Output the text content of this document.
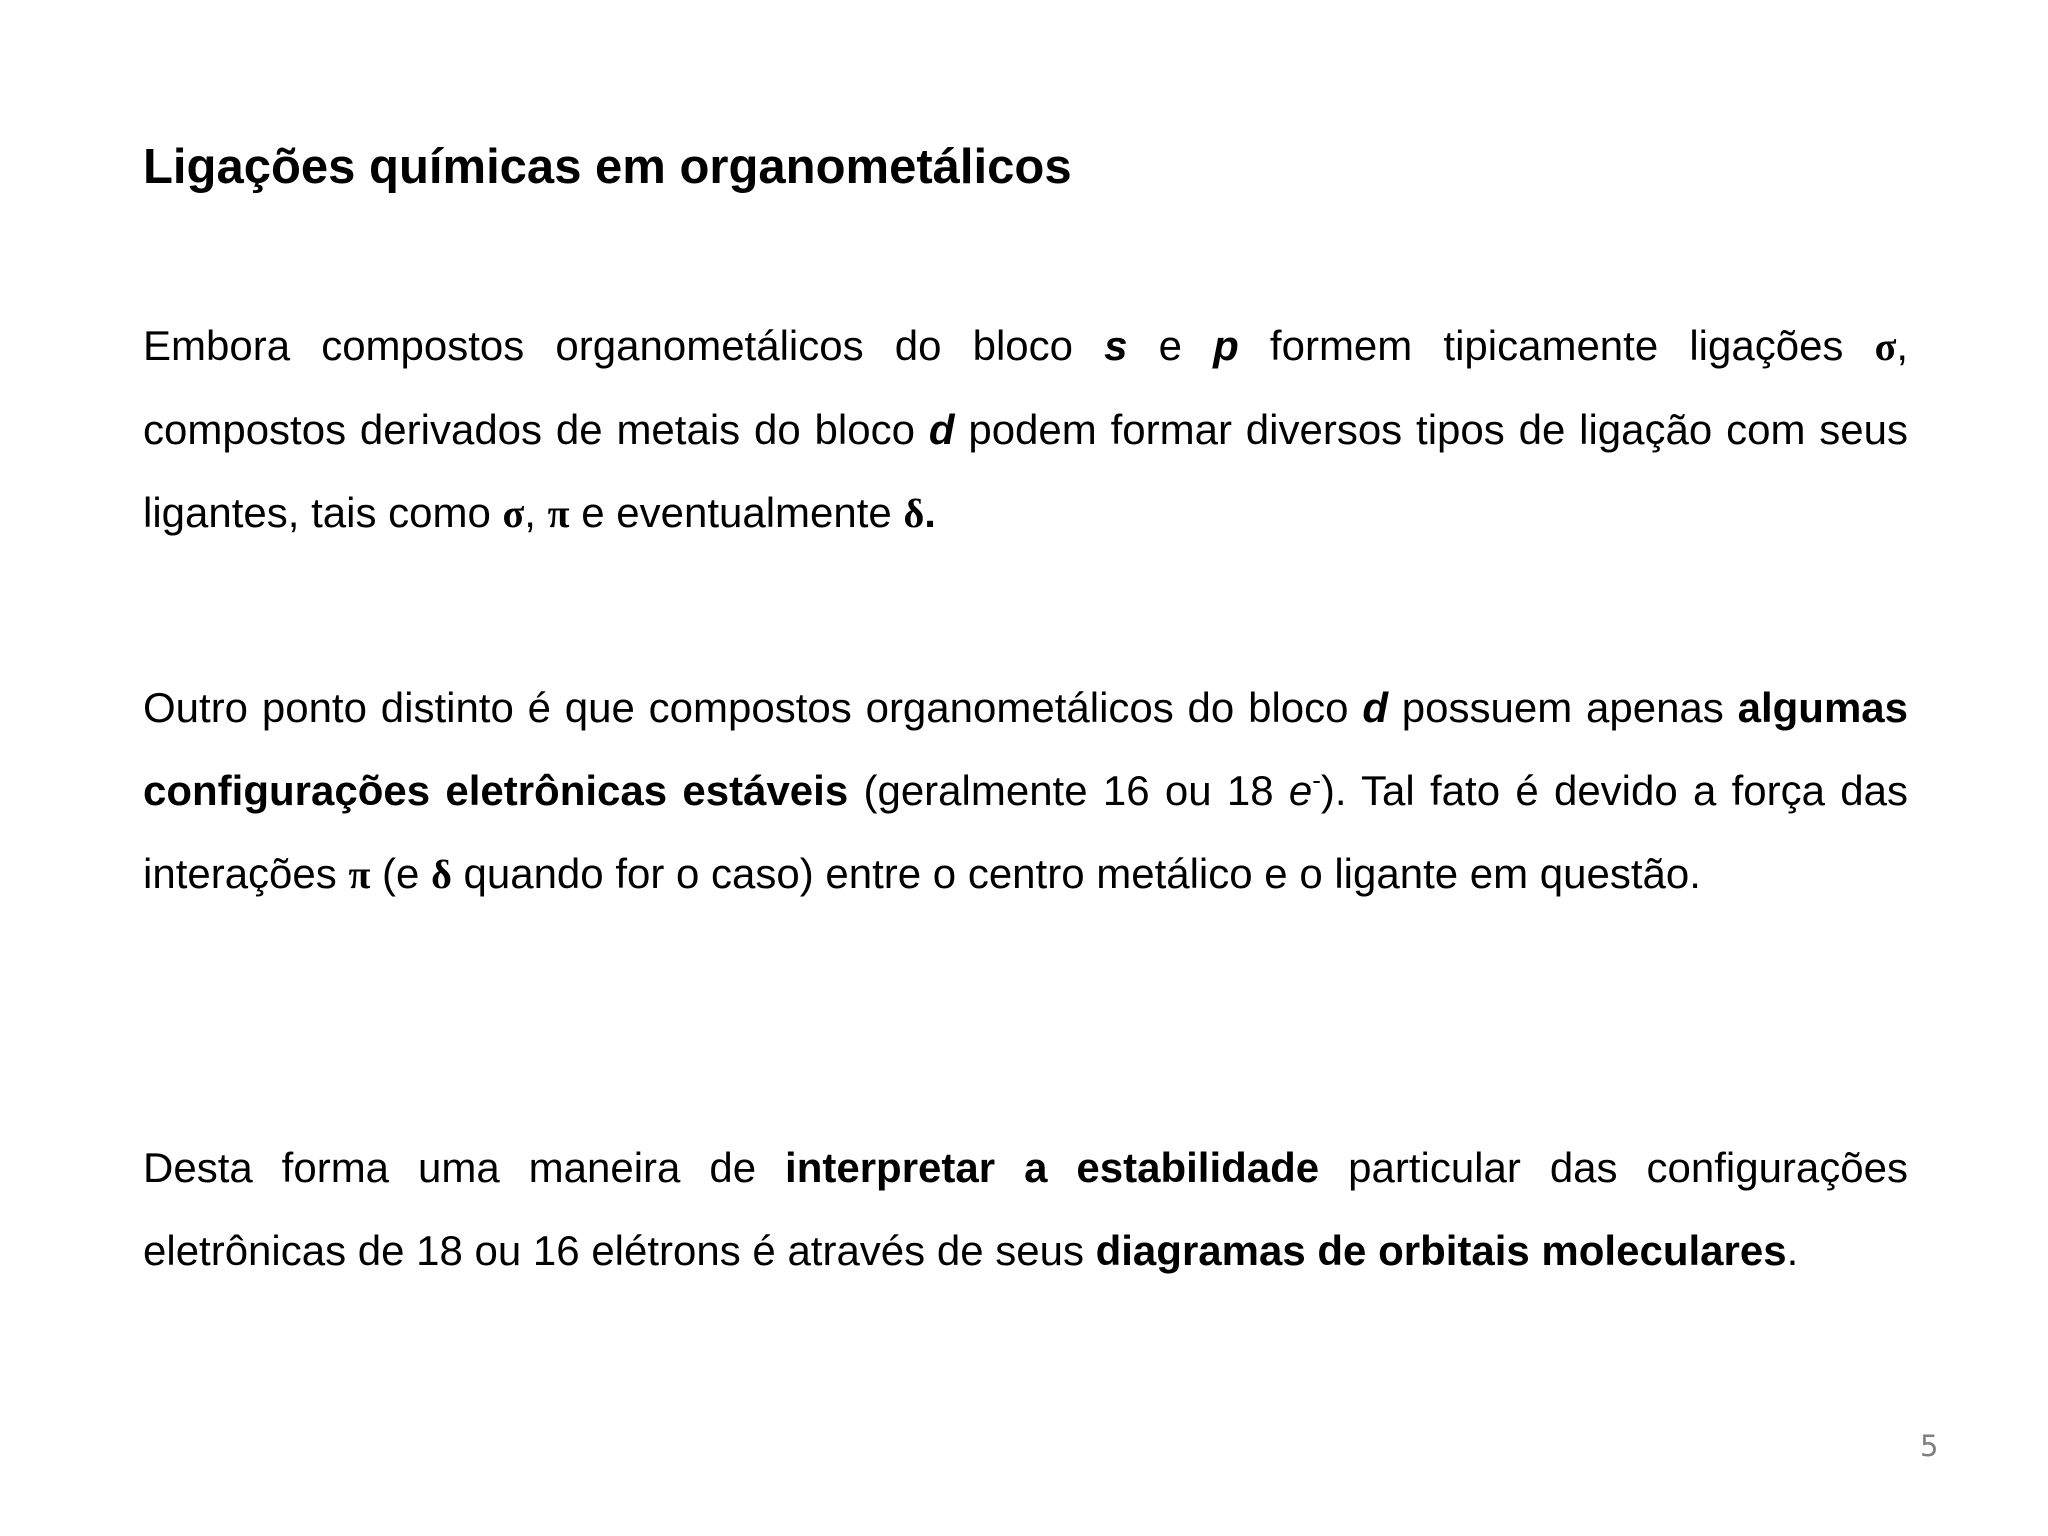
Ligações químicas em organometálicos

Embora compostos organometálicos do bloco s e p formem tipicamente ligações σ, compostos derivados de metais do bloco d podem formar diversos tipos de ligação com seus ligantes, tais como σ, π e eventualmente δ.

Outro ponto distinto é que compostos organometálicos do bloco d possuem apenas algumas configurações eletrônicas estáveis (geralmente 16 ou 18 e-). Tal fato é devido a força das interações π (e δ quando for o caso) entre o centro metálico e o ligante em questão.

Desta forma uma maneira de interpretar a estabilidade particular das configurações eletrônicas de 18 ou 16 elétrons é através de seus diagramas de orbitais moleculares.

5
